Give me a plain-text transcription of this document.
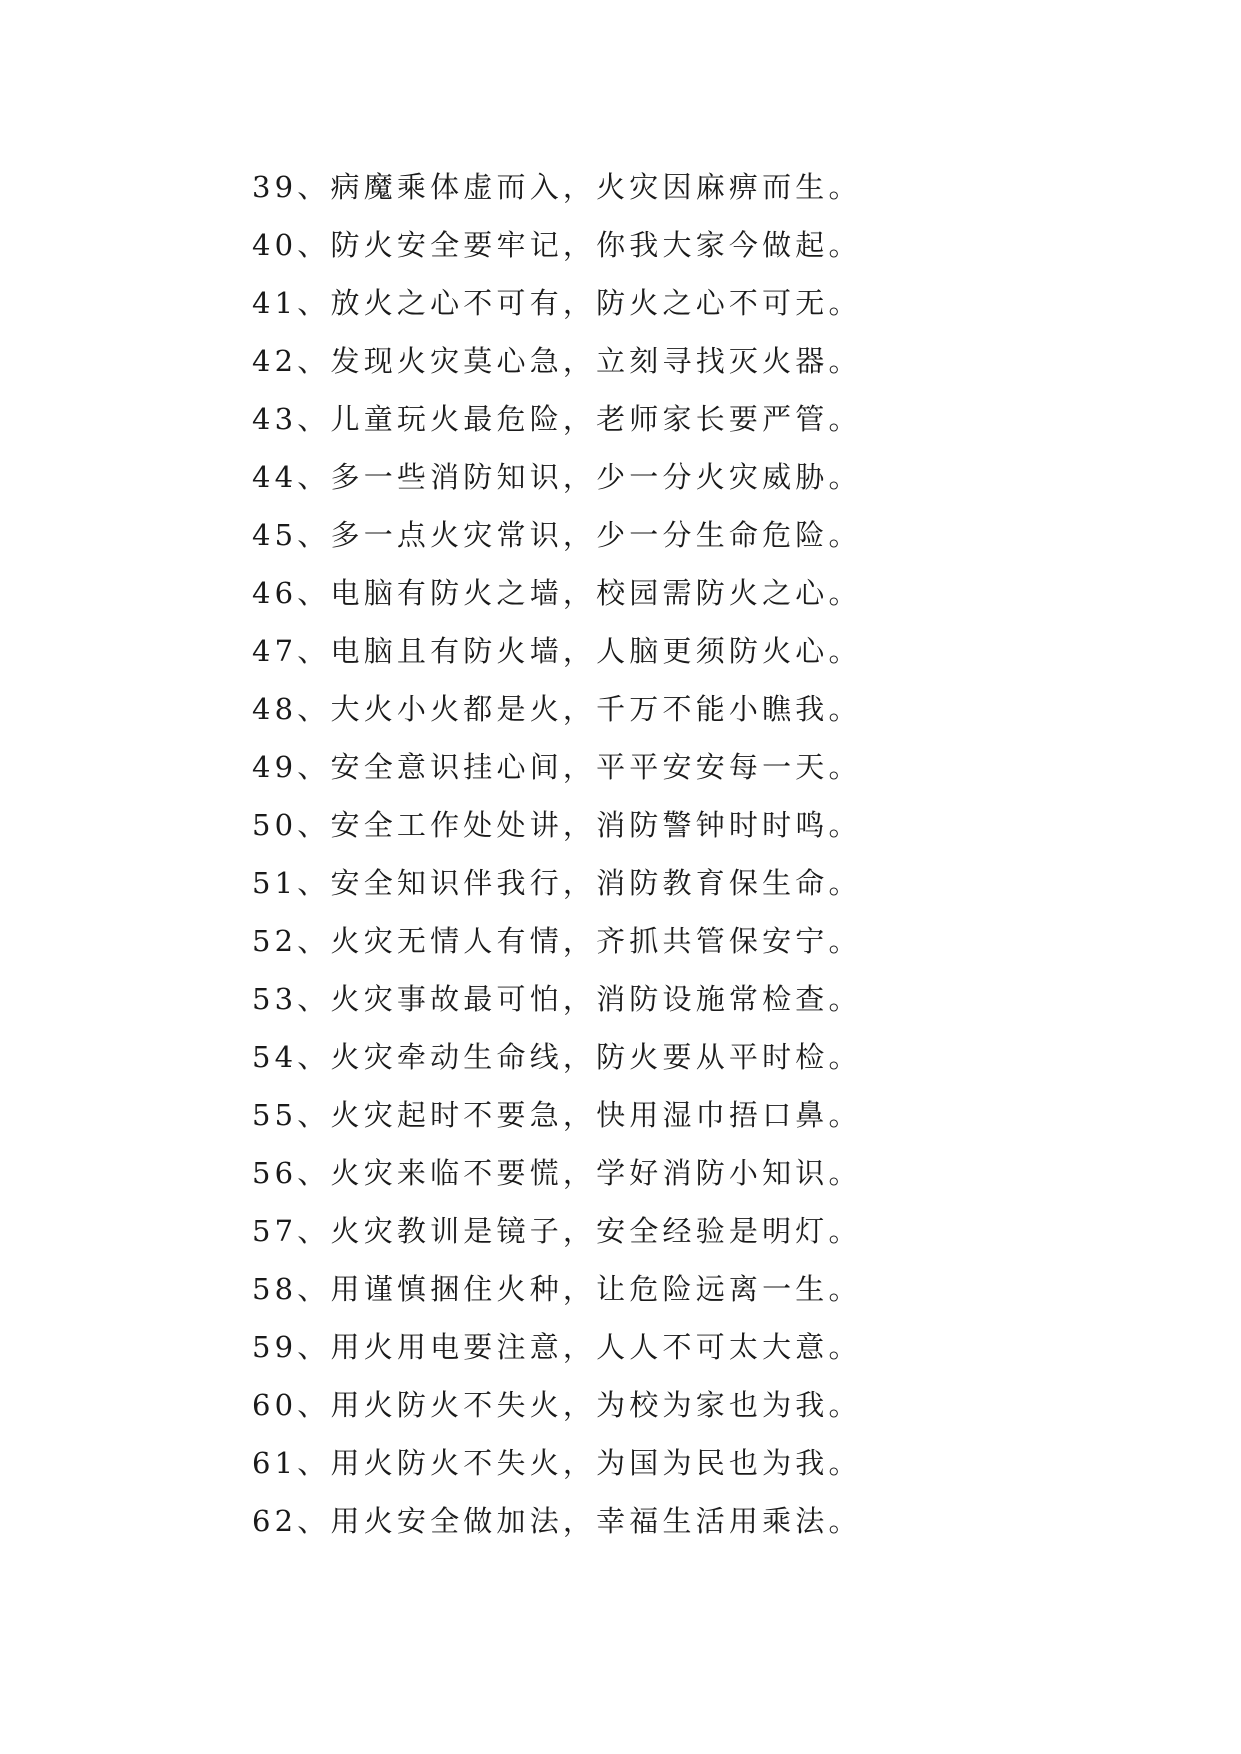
39、病魔乘体虚而入，火灾因麻痹而生。
40、防火安全要牢记，你我大家今做起。
41、放火之心不可有，防火之心不可无。
42、发现火灾莫心急，立刻寻找灭火器。
43、儿童玩火最危险，老师家长要严管。
44、多一些消防知识，少一分火灾威胁。
45、多一点火灾常识，少一分生命危险。
46、电脑有防火之墙，校园需防火之心。
47、电脑且有防火墙，人脑更须防火心。
48、大火小火都是火，千万不能小瞧我。
49、安全意识挂心间，平平安安每一天。
50、安全工作处处讲，消防警钟时时鸣。
51、安全知识伴我行，消防教育保生命。
52、火灾无情人有情，齐抓共管保安宁。
53、火灾事故最可怕，消防设施常检查。
54、火灾牵动生命线，防火要从平时检。
55、火灾起时不要急，快用湿巾捂口鼻。
56、火灾来临不要慌，学好消防小知识。
57、火灾教训是镜子，安全经验是明灯。
58、用谨慎捆住火种，让危险远离一生。
59、用火用电要注意，人人不可太大意。
60、用火防火不失火，为校为家也为我。
61、用火防火不失火，为国为民也为我。
62、用火安全做加法，幸福生活用乘法。
